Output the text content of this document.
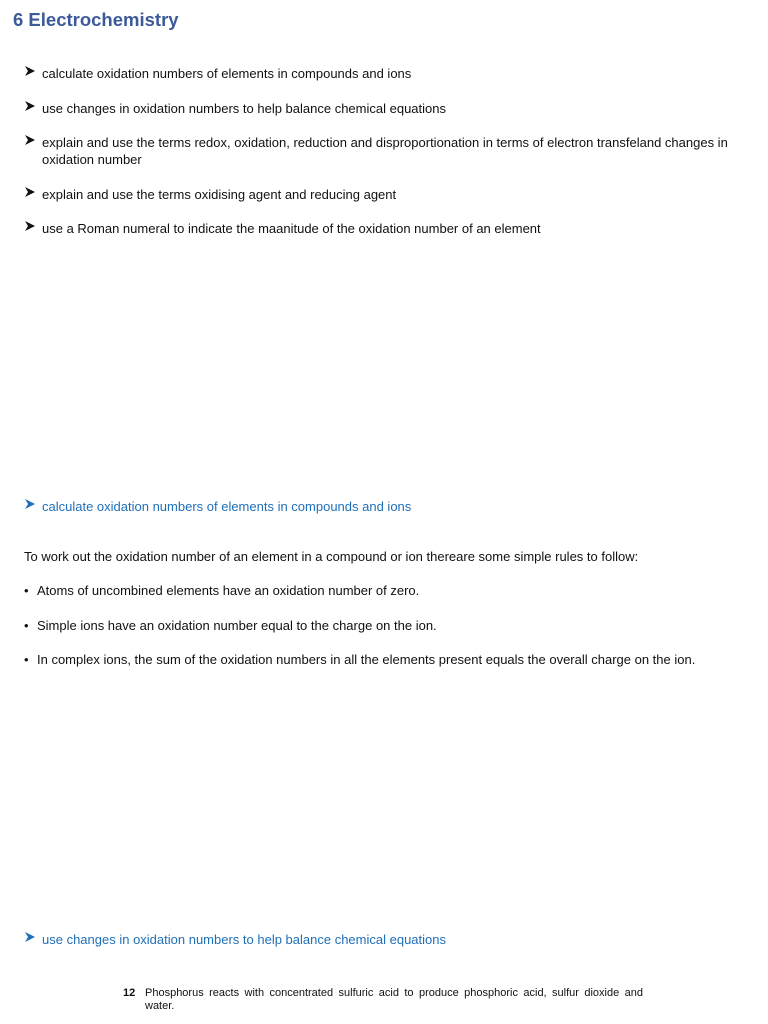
6 Electrochemistry
calculate oxidation numbers of elements in compounds and ions
use changes in oxidation numbers to help balance chemical equations
explain and use the terms redox, oxidation, reduction and disproportionation in terms of electron transfeland changes in oxidation number
explain and use the terms oxidising agent and reducing agent
use a Roman numeral to indicate the maanitude of the oxidation number of an element
calculate oxidation numbers of elements in compounds and ions

To work out the oxidation number of an element in a compound or ion thereare some simple rules to follow:

• Atoms of uncombined elements have an oxidation number of zero.
• Simple ions have an oxidation number equal to the charge on the ion.
• In complex ions, the sum of the oxidation numbers in all the elements present equals the overall charge on the ion.
use changes in oxidation numbers to help balance chemical equations
12 Phosphorus reacts with concentrated sulfuric acid to produce phosphoric acid, sulfur dioxide and water.
